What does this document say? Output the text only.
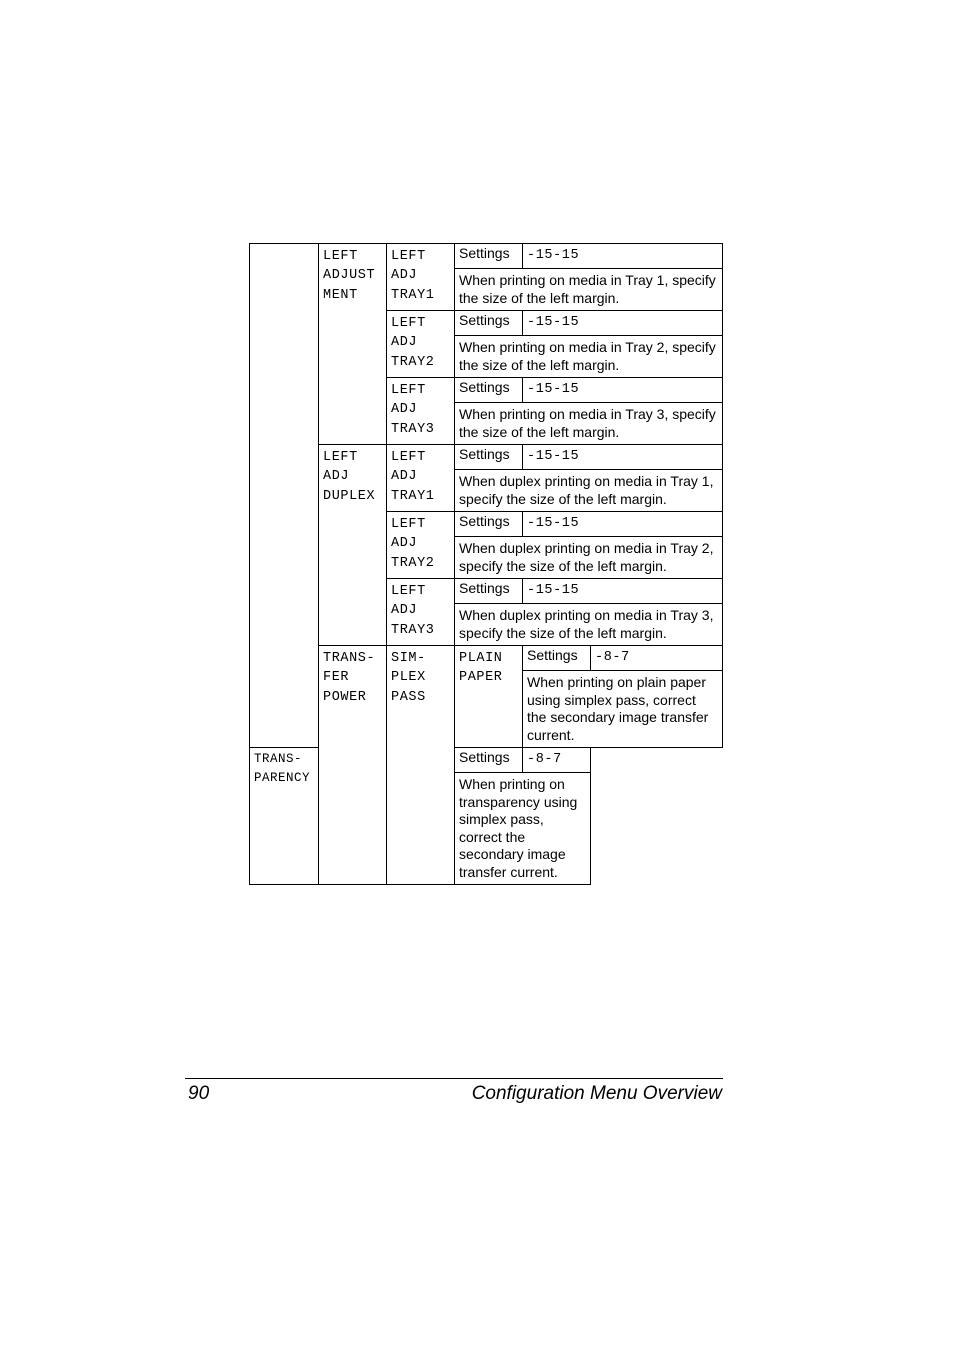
	LEFT
ADJUST
MENT	LEFT
ADJ
TRAY1	Settings	-15-15	
			When printing on media in Tray 1, specify the size of the left margin.		
		LEFT
ADJ
TRAY2	Settings	-15-15	
			When printing on media in Tray 2, specify the size of the left margin.		
		LEFT
ADJ
TRAY3	Settings	-15-15	
			When printing on media in Tray 3, specify the size of the left margin.		
	LEFT
ADJ
DUPLEX	LEFT
ADJ
TRAY1	Settings	-15-15	
			When duplex printing on media in Tray 1, specify the size of the left margin.		
		LEFT
ADJ
TRAY2	Settings	-15-15	
			When duplex printing on media in Tray 2, specify the size of the left margin.		
		LEFT
ADJ
TRAY3	Settings	-15-15	
			When duplex printing on media in Tray 3, specify the size of the left margin.		
	TRANS-
FER
POWER	SIM-
PLEX
PASS	PLAIN
PAPER	Settings	-8-7
				When printing on plain paper using simplex pass, correct the secondary image transfer current.	
TRANS-
PARENCY			Settings	-8-7	
			When printing on transparency using simplex pass, correct the secondary image transfer current.		
90	Configuration Menu Overview
